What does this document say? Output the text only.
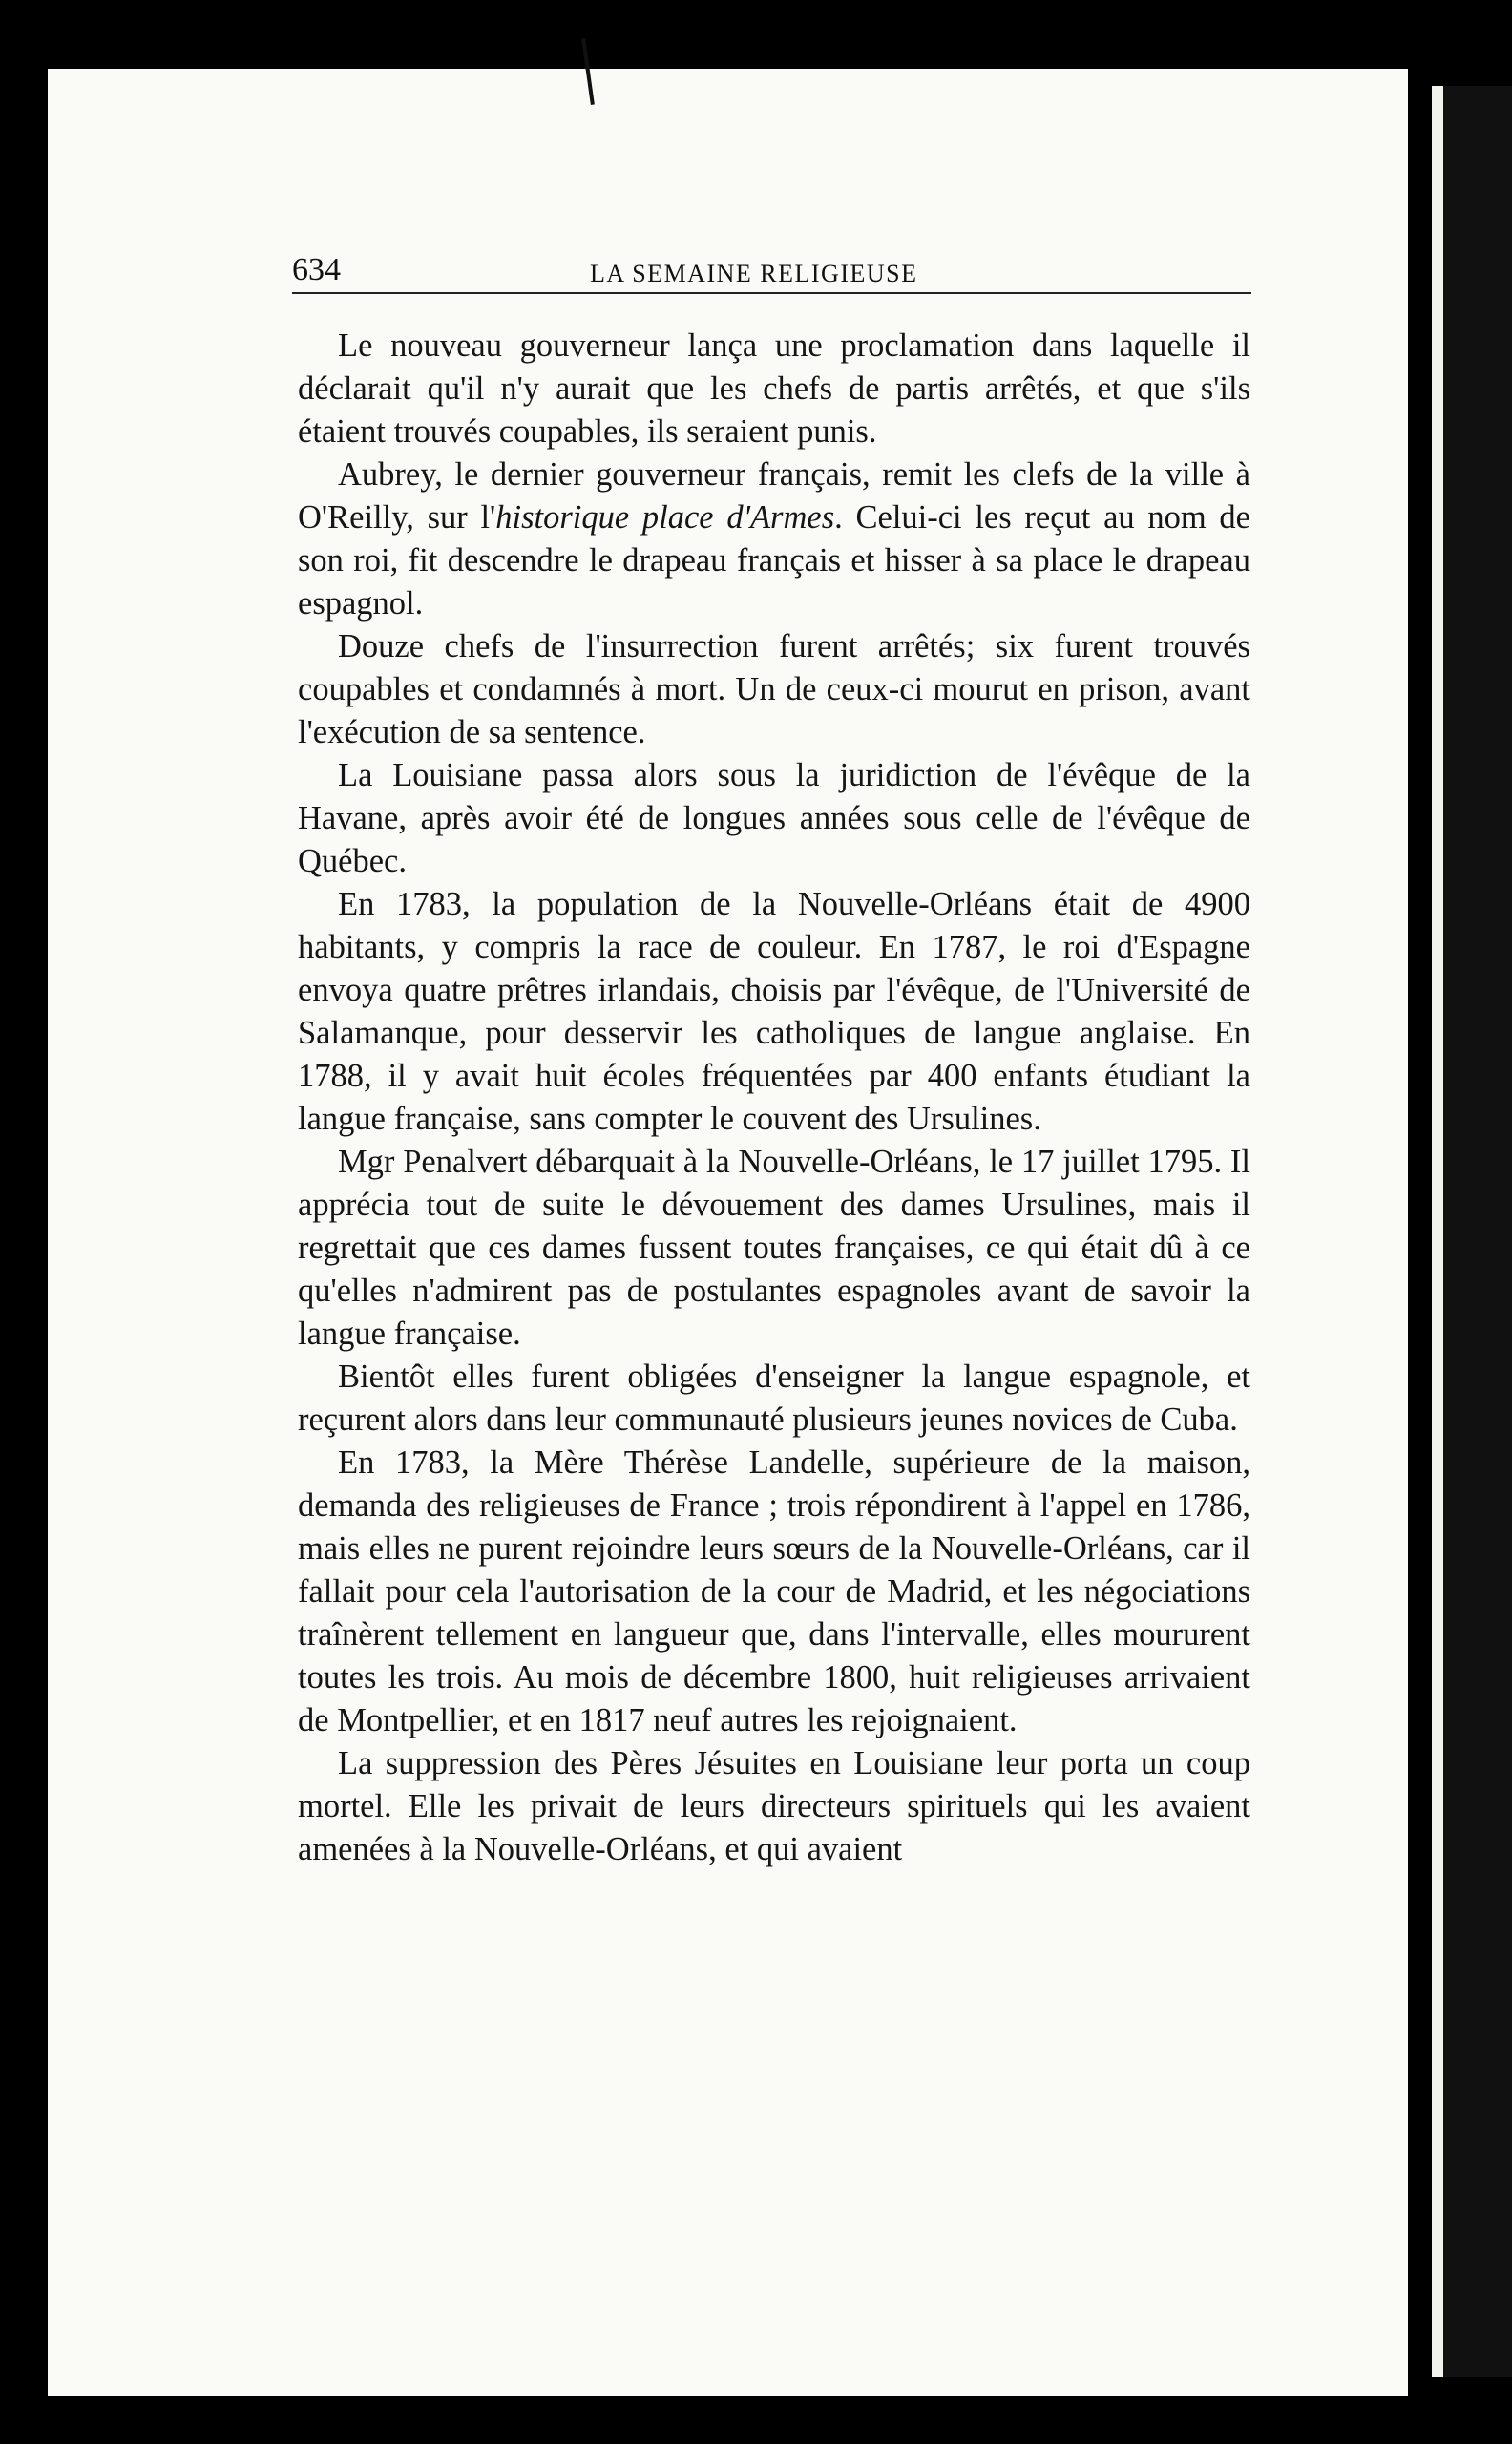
634	LA SEMAINE RELIGIEUSE

Le nouveau gouverneur lança une proclamation dans laquelle il déclarait qu'il n'y aurait que les chefs de partis arrêtés, et que s'ils étaient trouvés coupables, ils seraient punis.

Aubrey, le dernier gouverneur français, remit les clefs de la ville à O'Reilly, sur l'historique place d'Armes. Celui-ci les reçut au nom de son roi, fit descendre le drapeau français et hisser à sa place le drapeau espagnol.

Douze chefs de l'insurrection furent arrêtés; six furent trouvés coupables et condamnés à mort. Un de ceux-ci mourut en prison, avant l'exécution de sa sentence.

La Louisiane passa alors sous la juridiction de l'évêque de la Havane, après avoir été de longues années sous celle de l'évêque de Québec.

En 1783, la population de la Nouvelle-Orléans était de 4900 habitants, y compris la race de couleur. En 1787, le roi d'Espagne envoya quatre prêtres irlandais, choisis par l'évêque, de l'Université de Salamanque, pour desservir les catholiques de langue anglaise. En 1788, il y avait huit écoles fréquentées par 400 enfants étudiant la langue française, sans compter le couvent des Ursulines.

Mgr Penalvert débarquait à la Nouvelle-Orléans, le 17 juillet 1795. Il apprécia tout de suite le dévouement des dames Ursulines, mais il regrettait que ces dames fussent toutes françaises, ce qui était dû à ce qu'elles n'admirent pas de postulantes espagnoles avant de savoir la langue française.

Bientôt elles furent obligées d'enseigner la langue espagnole, et reçurent alors dans leur communauté plusieurs jeunes novices de Cuba.

En 1783, la Mère Thérèse Landelle, supérieure de la maison, demanda des religieuses de France ; trois répondirent à l'appel en 1786, mais elles ne purent rejoindre leurs sœurs de la Nouvelle-Orléans, car il fallait pour cela l'autorisation de la cour de Madrid, et les négociations traînèrent tellement en langueur que, dans l'intervalle, elles moururent toutes les trois. Au mois de décembre 1800, huit religieuses arrivaient de Montpellier, et en 1817 neuf autres les rejoignaient.

La suppression des Pères Jésuites en Louisiane leur porta un coup mortel. Elle les privait de leurs directeurs spirituels qui les avaient amenées à la Nouvelle-Orléans, et qui avaient
